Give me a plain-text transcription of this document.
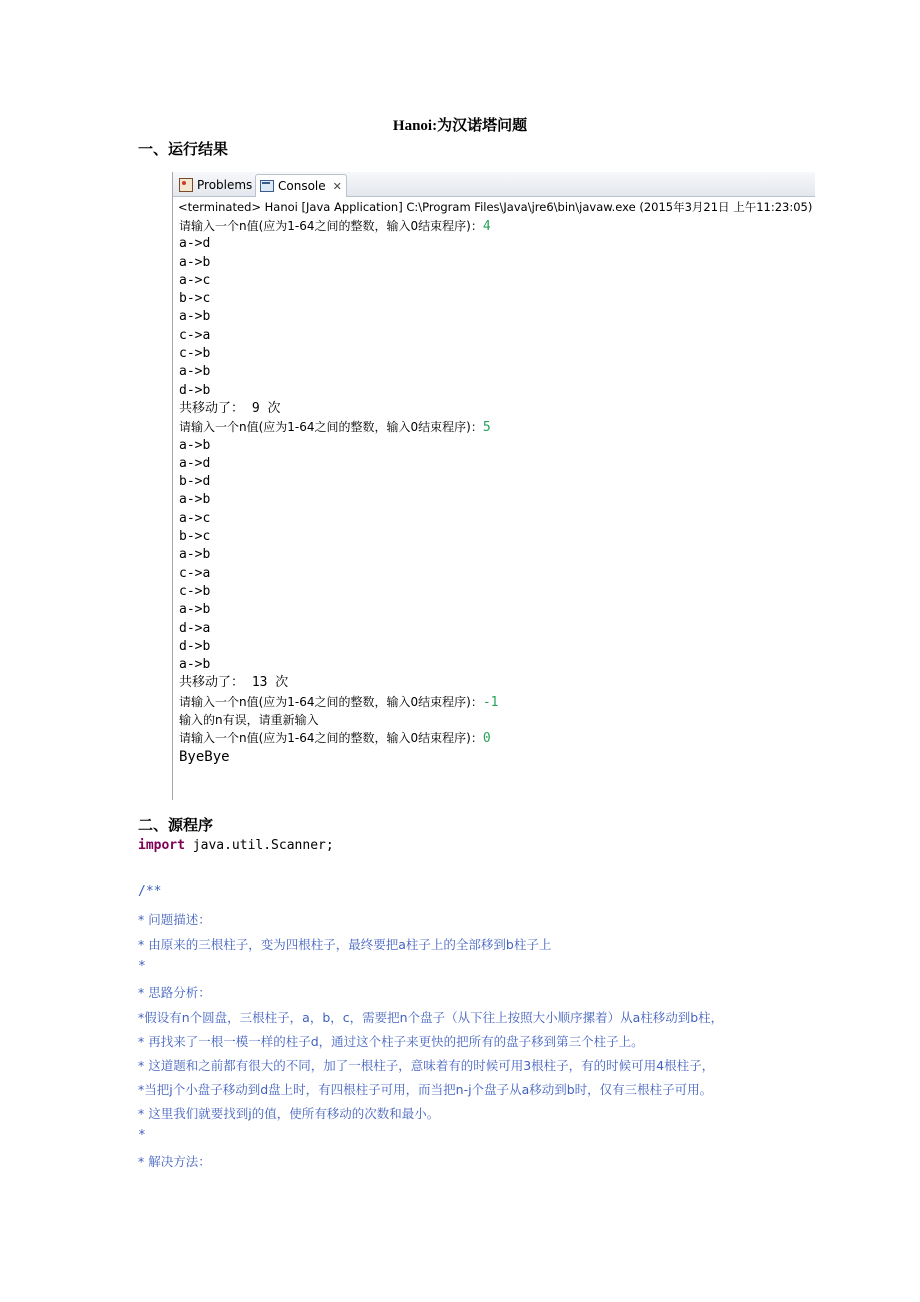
Hanoi:为汉诺塔问题
一、运行结果
Problems Console ✕
<terminated> Hanoi [Java Application] C:\Program Files\Java\jre6\bin\javaw.exe (2015年3月21日 上午11:23:05)
请输入一个n值(应为1-64之间的整数，输入0结束程序)：4
a->d
a->b
a->c
b->c
a->b
c->a
c->b
a->b
d->b
共移动了： 9 次
请输入一个n值(应为1-64之间的整数，输入0结束程序)：5
a->b
a->d
b->d
a->b
a->c
b->c
a->b
c->a
c->b
a->b
d->a
d->b
a->b
共移动了： 13 次
请输入一个n值(应为1-64之间的整数，输入0结束程序)：-1
输入的n有误，请重新输入
请输入一个n值(应为1-64之间的整数，输入0结束程序)：0
ByeBye
二、源程序
import java.util.Scanner;
/**
* 问题描述：
* 由原来的三根柱子，变为四根柱子，最终要把a柱子上的全部移到b柱子上
*
* 思路分析：
*假设有n个圆盘，三根柱子，a，b，c，需要把n个盘子（从下往上按照大小顺序摞着）从a柱移动到b柱，
* 再找来了一根一模一样的柱子d，通过这个柱子来更快的把所有的盘子移到第三个柱子上。
* 这道题和之前都有很大的不同，加了一根柱子，意味着有的时候可用3根柱子，有的时候可用4根柱子，
*当把j个小盘子移动到d盘上时，有四根柱子可用，而当把n-j个盘子从a移动到b时，仅有三根柱子可用。
* 这里我们就要找到j的值，使所有移动的次数和最小。
*
* 解决方法：
